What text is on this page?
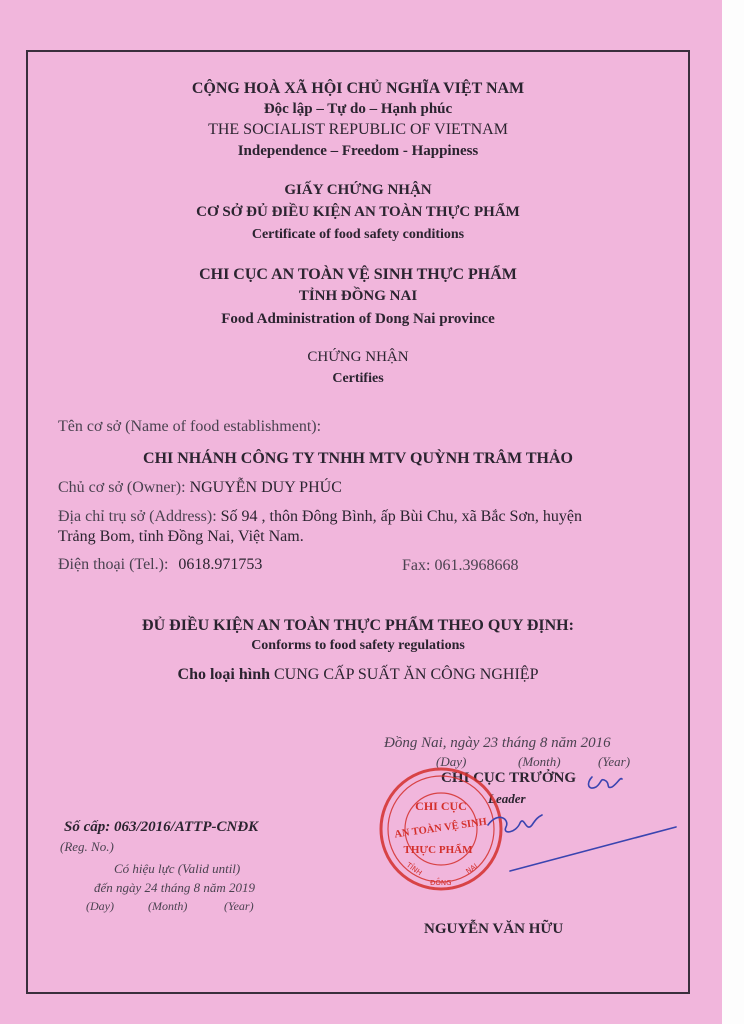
CỘNG HOÀ XÃ HỘI CHỦ NGHĨA VIỆT NAM
Độc lập – Tự do – Hạnh phúc
THE SOCIALIST REPUBLIC OF VIETNAM
Independence – Freedom - Happiness
GIẤY CHỨNG NHẬN
CƠ SỞ ĐỦ ĐIỀU KIỆN AN TOÀN THỰC PHẨM
Certificate of food safety conditions
CHI CỤC AN TOÀN VỆ SINH THỰC PHẨM
TỈNH ĐỒNG NAI
Food Administration of Dong Nai province
CHỨNG NHẬN
Certifies
Tên cơ sở (Name of food establishment):
CHI NHÁNH CÔNG TY TNHH MTV QUỲNH TRÂM THẢO
Chủ cơ sở (Owner): NGUYỄN DUY PHÚC
Địa chỉ trụ sở (Address): Số 94 , thôn Đông Bình, ấp Bùi Chu, xã Bắc Sơn, huyện
Trảng Bom, tỉnh Đồng Nai, Việt Nam.
Điện thoại (Tel.): 0618.971753	Fax: 061.3968668
ĐỦ ĐIỀU KIỆN AN TOÀN THỰC PHẨM THEO QUY ĐỊNH:
Conforms to food safety regulations
Cho loại hình CUNG CẤP SUẤT ĂN CÔNG NGHIỆP
Đồng Nai, ngày 23 tháng 8 năm 2016
(Day)	(Month)	(Year)
CHI CỤC TRƯỞNG
Leader
NGUYỄN VĂN HỮU
TỈNH
ĐỒNG
NAI
CHI CỤC
AN TOÀN VỆ SINH
THỰC PHẨM
Số cấp: 063/2016/ATTP-CNĐK
(Reg. No.)
Có hiệu lực (Valid until)
đến ngày 24 tháng 8 năm 2019
(Day)	(Month)	(Year)
